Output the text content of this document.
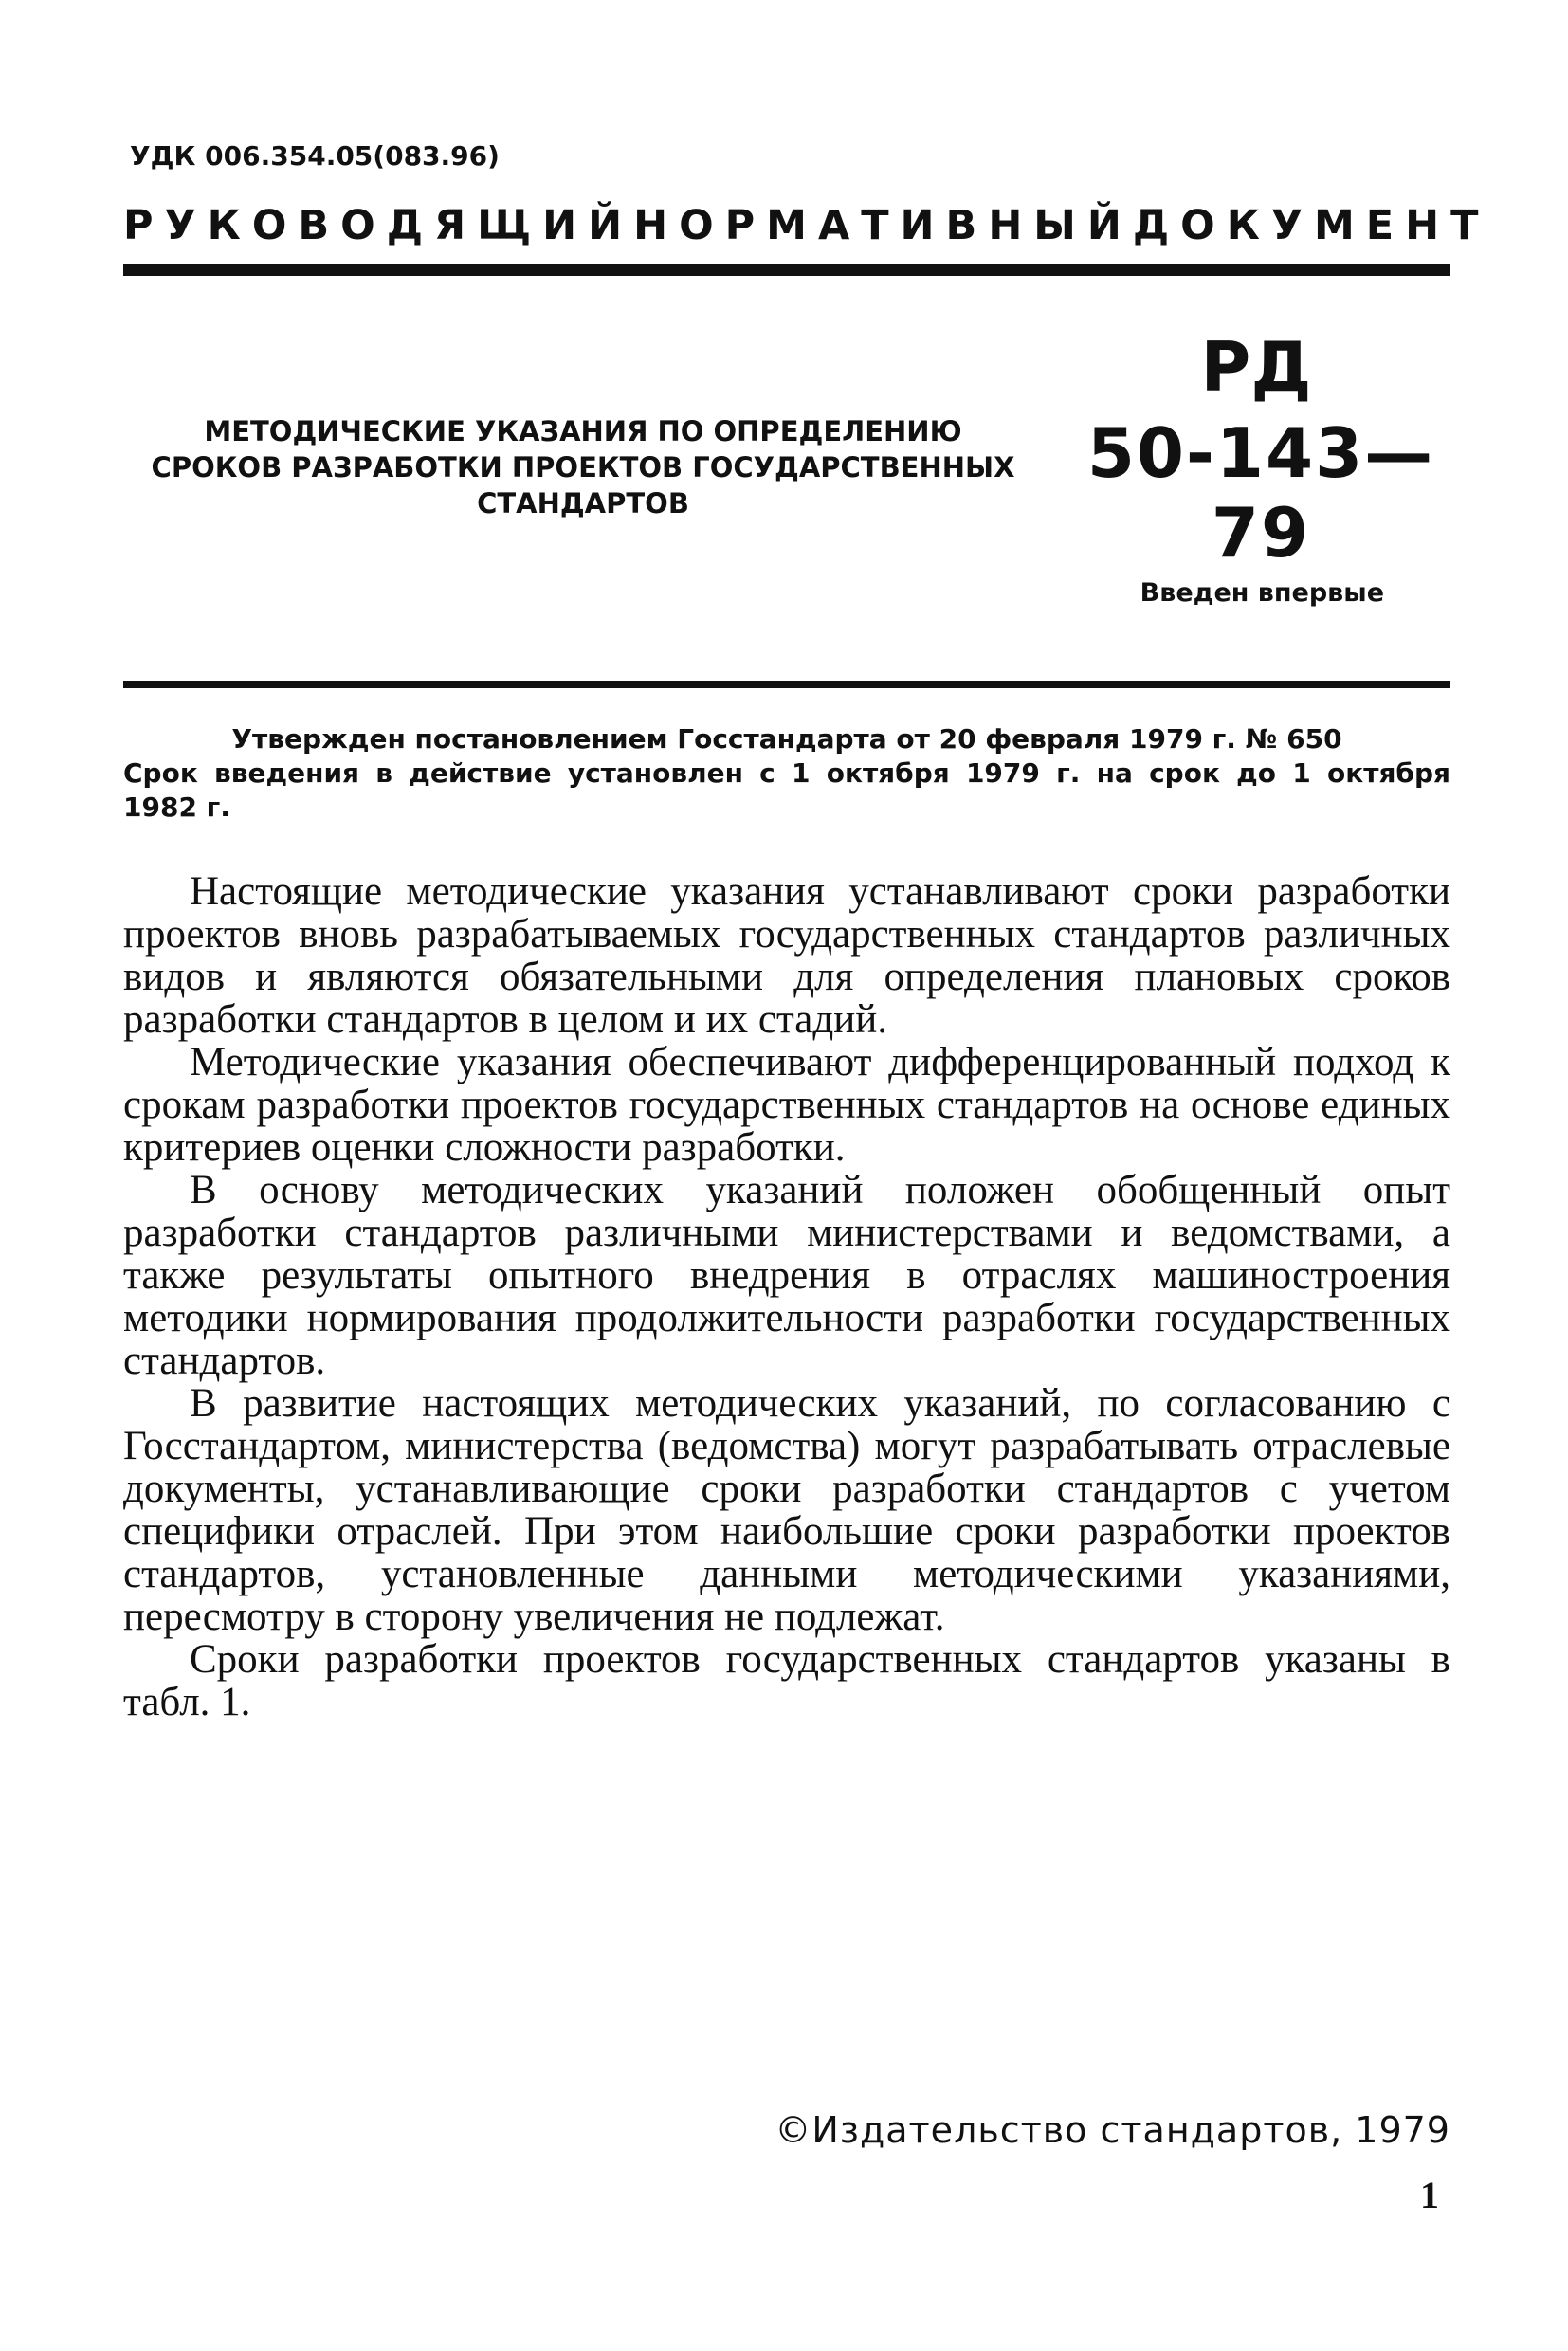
УДК 006.354.05(083.96)
РУКОВОДЯЩИЙ НОРМАТИВНЫЙ ДОКУМЕНТ
МЕТОДИЧЕСКИЕ УКАЗАНИЯ ПО ОПРЕДЕЛЕНИЮ
СРОКОВ РАЗРАБОТКИ ПРОЕКТОВ ГОСУДАРСТВЕННЫХ
СТАНДАРТОВ
РД
50-143—79
Введен впервые
Утвержден постановлением Госстандарта от 20 февраля 1979 г. № 650
Срок введения в действие установлен с 1 октября 1979 г. на срок до 1 октября
1982 г.

Настоящие методические указания устанавливают сроки разработки проектов вновь разрабатываемых государственных стандартов различных видов и являются обязательными для определения плановых сроков разработки стандартов в целом и их стадий.

Методические указания обеспечивают дифференцированный подход к срокам разработки проектов государственных стандартов на основе единых критериев оценки сложности разработки.

В основу методических указаний положен обобщенный опыт разработки стандартов различными министерствами и ведомствами, а также результаты опытного внедрения в отраслях машиностроения методики нормирования продолжительности разработки государственных стандартов.

В развитие настоящих методических указаний, по согласованию с Госстандартом, министерства (ведомства) могут разрабатывать отраслевые документы, устанавливающие сроки разработки стандартов с учетом специфики отраслей. При этом наибольшие сроки разработки проектов стандартов, установленные данными методическими указаниями, пересмотру в сторону увеличения не подлежат.

Сроки разработки проектов государственных стандартов указаны в табл. 1.

©Издательство стандартов, 1979
1
